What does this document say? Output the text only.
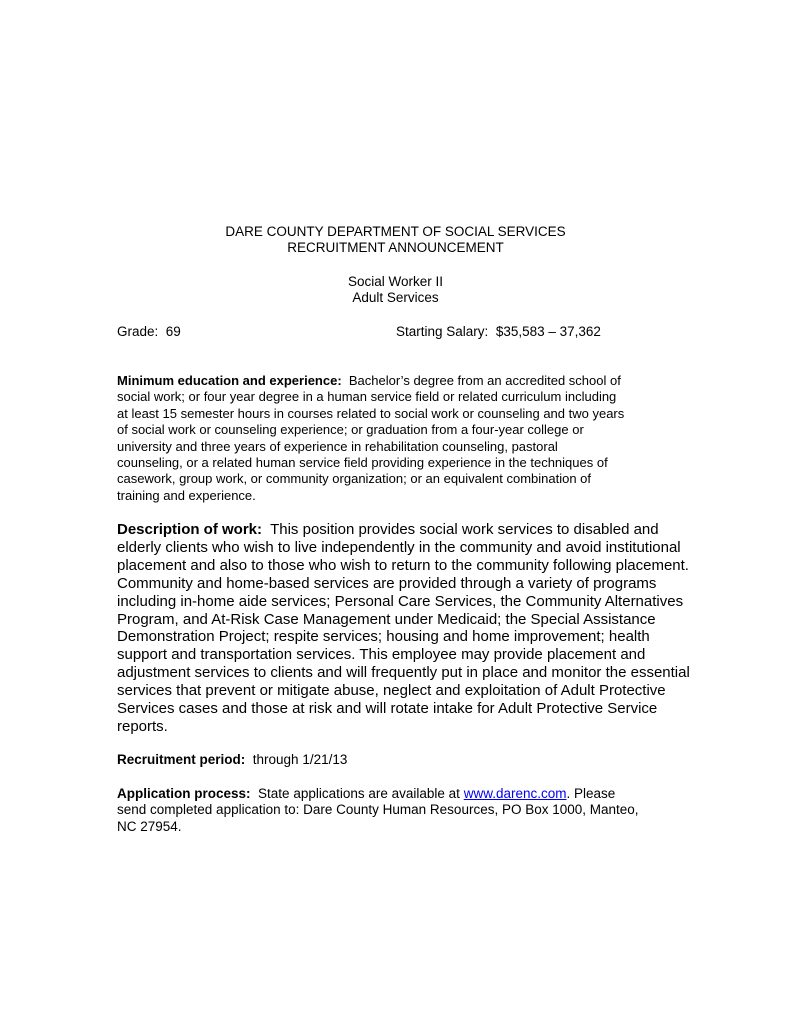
DARE COUNTY DEPARTMENT OF SOCIAL SERVICES
RECRUITMENT ANNOUNCEMENT
Social Worker II
Adult Services
Grade: 69	Starting Salary: $35,583 – 37,362
Minimum education and experience: Bachelor’s degree from an accredited school of
social work; or four year degree in a human service field or related curriculum including
at least 15 semester hours in courses related to social work or counseling and two years
of social work or counseling experience; or graduation from a four-year college or
university and three years of experience in rehabilitation counseling, pastoral
counseling, or a related human service field providing experience in the techniques of
casework, group work, or community organization; or an equivalent combination of
training and experience.
Description of work: This position provides social work services to disabled and
elderly clients who wish to live independently in the community and avoid institutional
placement and also to those who wish to return to the community following placement.
Community and home-based services are provided through a variety of programs
including in-home aide services; Personal Care Services, the Community Alternatives
Program, and At-Risk Case Management under Medicaid; the Special Assistance
Demonstration Project; respite services; housing and home improvement; health
support and transportation services. This employee may provide placement and
adjustment services to clients and will frequently put in place and monitor the essential
services that prevent or mitigate abuse, neglect and exploitation of Adult Protective
Services cases and those at risk and will rotate intake for Adult Protective Service
reports.
Recruitment period: through 1/21/13
Application process: State applications are available at www.darenc.com. Please
send completed application to: Dare County Human Resources, PO Box 1000, Manteo,
NC 27954.
